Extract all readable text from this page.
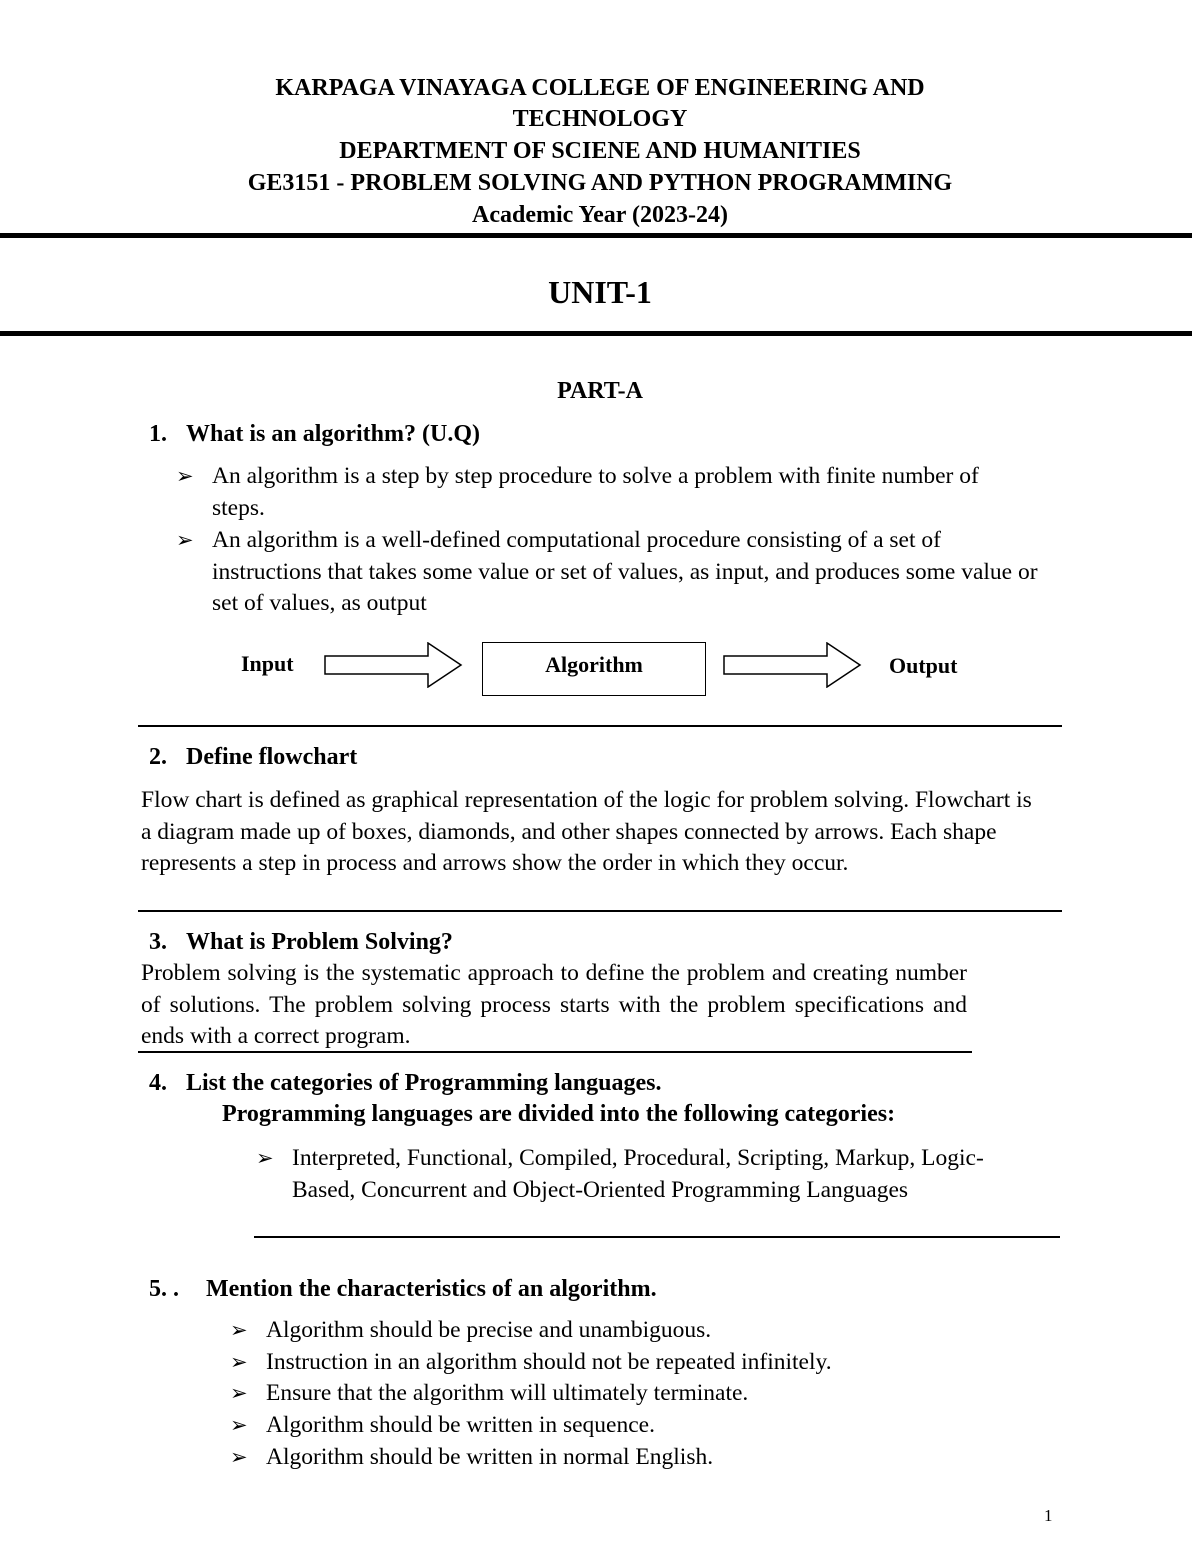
KARPAGA VINAYAGA COLLEGE OF ENGINEERING AND
TECHNOLOGY
DEPARTMENT OF SCIENE AND HUMANITIES
GE3151 - PROBLEM SOLVING AND PYTHON PROGRAMMING
Academic Year (2023-24)
UNIT-1
PART-A
1. What is an algorithm? (U.Q)
➢ An algorithm is a step by step procedure to solve a problem with finite number of steps.
➢ An algorithm is a well-defined computational procedure consisting of a set of instructions that takes some value or set of values, as input, and produces some value or set of values, as output
Input	Algorithm	Output
2. Define flowchart
Flow chart is defined as graphical representation of the logic for problem solving. Flowchart is a diagram made up of boxes, diamonds, and other shapes connected by arrows. Each shape represents a step in process and arrows show the order in which they occur.
3. What is Problem Solving?
Problem solving is the systematic approach to define the problem and creating number of solutions. The problem solving process starts with the problem specifications and ends with a correct program.
4. List the categories of Programming languages.
Programming languages are divided into the following categories:
➢ Interpreted, Functional, Compiled, Procedural, Scripting, Markup, Logic-Based, Concurrent and Object-Oriented Programming Languages
5. . Mention the characteristics of an algorithm.
➢ Algorithm should be precise and unambiguous.
➢ Instruction in an algorithm should not be repeated infinitely.
➢ Ensure that the algorithm will ultimately terminate.
➢ Algorithm should be written in sequence.
➢ Algorithm should be written in normal English.
1
